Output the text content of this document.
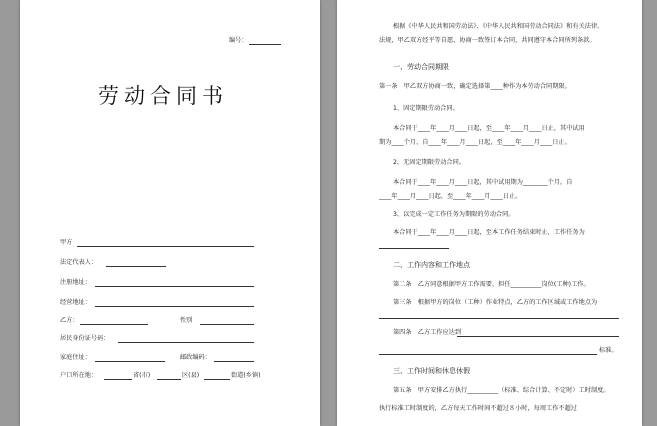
编号：
劳动合同书
甲方
法定代表人：
注册地址：
经营地址：
乙方：	性别
居民身份证号码：
家庭住址：	邮政编码：
户口所在地：	省(市)	区(县)	街道(乡镇)
根据《中华人民共和国劳动法》、《中华人民共和国劳动合同法》和有关法律、
法规，甲乙双方经平等自愿、协商一致签订本合同，共同遵守本合同所列条款。
一、劳动合同期限
第一条　甲乙双方协商一致，确定选择第____种作为本劳动合同期限。
1、固定期限劳动合同。
本合同于____年____月____日起，至____年____月____日止，其中试用
期为____个月，自____年____月____日起，至____年____月____日止。
2、无固定期限劳动合同。
本合同于____年____月____日起，其中试用期为________个月，自
____年____月____日起，至____年____月____日止。
3、以完成一定工作任务为期限的劳动合同。
本合同于____年____月____日起，至本工作任务结束时止，工作任务为
二、工作内容和工作地点
第二条　乙方同意根据甲方工作需要，担任__________岗位(工种)工作。
第三条　根据甲方的岗位（工种）作业特点，乙方的工作区域或工作地点为
第四条　乙方工作应达到
标准。
三、工作时间和休息休假
第五条　甲方安排乙方执行__________（标准、综合计算、不定时）工时制度。
执行标准工时制度的，乙方每天工作时间不超过８小时，每周工作不超过
